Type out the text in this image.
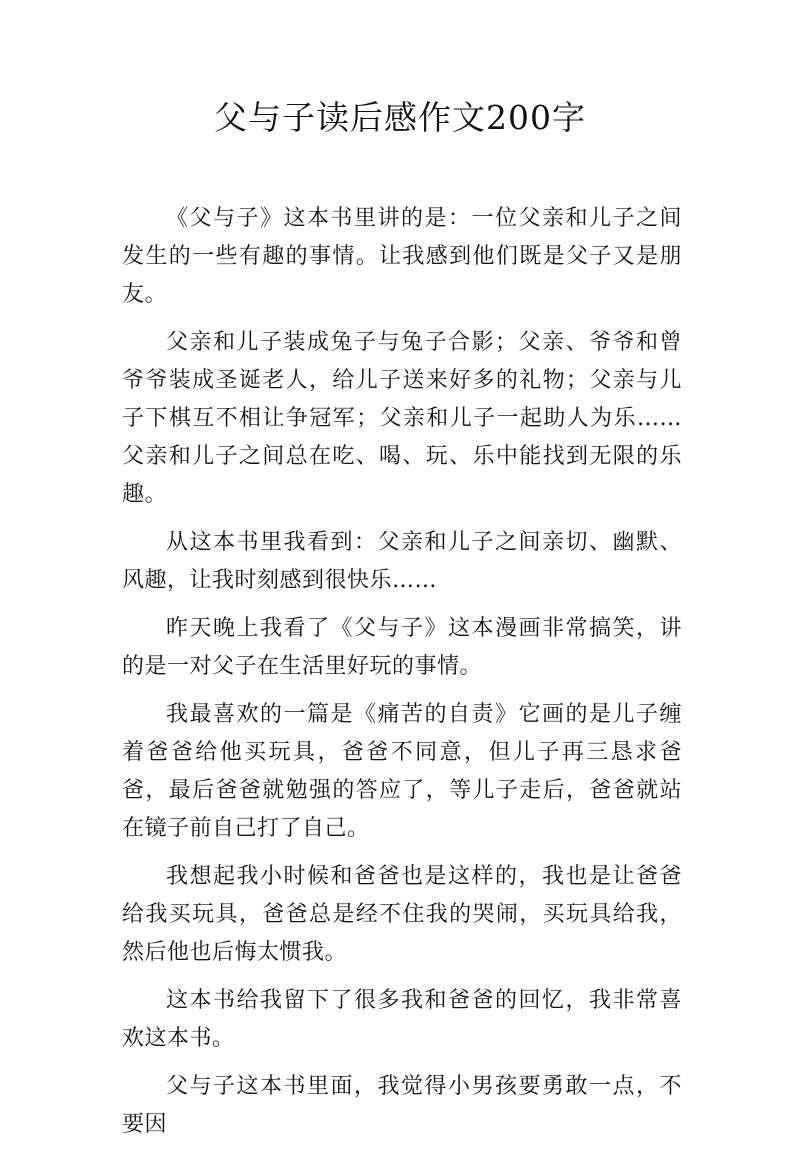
父与子读后感作文200字

《父与子》这本书里讲的是：一位父亲和儿子之间发生的一些有趣的事情。让我感到他们既是父子又是朋友。

父亲和儿子装成兔子与兔子合影；父亲、爷爷和曾爷爷装成圣诞老人，给儿子送来好多的礼物；父亲与儿子下棋互不相让争冠军；父亲和儿子一起助人为乐……父亲和儿子之间总在吃、喝、玩、乐中能找到无限的乐趣。

从这本书里我看到：父亲和儿子之间亲切、幽默、风趣，让我时刻感到很快乐……

昨天晚上我看了《父与子》这本漫画非常搞笑，讲的是一对父子在生活里好玩的事情。

我最喜欢的一篇是《痛苦的自责》它画的是儿子缠着爸爸给他买玩具，爸爸不同意，但儿子再三恳求爸爸，最后爸爸就勉强的答应了，等儿子走后，爸爸就站在镜子前自己打了自己。

我想起我小时候和爸爸也是这样的，我也是让爸爸给我买玩具，爸爸总是经不住我的哭闹，买玩具给我，然后他也后悔太惯我。

这本书给我留下了很多我和爸爸的回忆，我非常喜欢这本书。

父与子这本书里面，我觉得小男孩要勇敢一点，不要因
